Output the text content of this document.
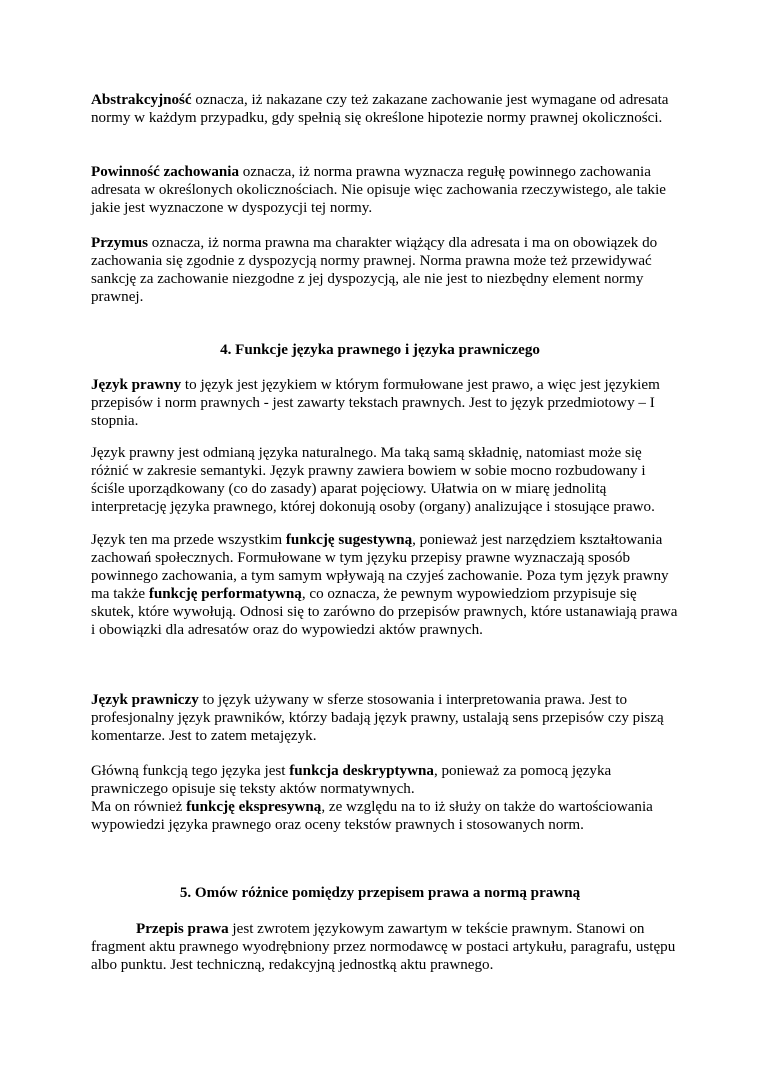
Abstrakcyjność oznacza, iż nakazane czy też zakazane zachowanie jest wymagane od adresata normy w każdym przypadku, gdy spełnią się określone hipotezie normy prawnej okoliczności.

Powinność zachowania oznacza, iż norma prawna wyznacza regułę powinnego zachowania adresata w określonych okolicznościach. Nie opisuje więc zachowania rzeczywistego, ale takie jakie jest wyznaczone w dyspozycji tej normy.

Przymus oznacza, iż norma prawna ma charakter wiążący dla adresata i ma on obowiązek do zachowania się zgodnie z dyspozycją normy prawnej. Norma prawna może też przewidywać sankcję za zachowanie niezgodne z jej dyspozycją, ale nie jest to niezbędny element normy prawnej.

4. Funkcje języka prawnego i języka prawniczego

Język prawny to język jest językiem w którym formułowane jest prawo, a więc jest językiem przepisów i norm prawnych - jest zawarty tekstach prawnych. Jest to język przedmiotowy – I stopnia.

Język prawny jest odmianą języka naturalnego. Ma taką samą składnię, natomiast może się różnić w zakresie semantyki. Język prawny zawiera bowiem w sobie mocno rozbudowany i ściśle uporządkowany (co do zasady) aparat pojęciowy. Ułatwia on w miarę jednolitą interpretację języka prawnego, której dokonują osoby (organy) analizujące i stosujące prawo.

Język ten ma przede wszystkim funkcję sugestywną, ponieważ jest narzędziem kształtowania zachowań społecznych. Formułowane w tym języku przepisy prawne wyznaczają sposób powinnego zachowania, a tym samym wpływają na czyjeś zachowanie. Poza tym język prawny ma także funkcję performatywną, co oznacza, że pewnym wypowiedziom przypisuje się skutek, które wywołują. Odnosi się to zarówno do przepisów prawnych, które ustanawiają prawa i obowiązki dla adresatów oraz do wypowiedzi aktów prawnych.

Język prawniczy to język używany w sferze stosowania i interpretowania prawa. Jest to profesjonalny język prawników, którzy badają język prawny, ustalają sens przepisów czy piszą komentarze. Jest to zatem metajęzyk.

Główną funkcją tego języka jest funkcja deskryptywna, ponieważ za pomocą języka prawniczego opisuje się teksty aktów normatywnych.
Ma on również funkcję ekspresywną, ze względu na to iż służy on także do wartościowania wypowiedzi języka prawnego oraz oceny tekstów prawnych i stosowanych norm.

5. Omów różnice pomiędzy przepisem prawa a normą prawną

Przepis prawa jest zwrotem językowym zawartym w tekście prawnym. Stanowi on fragment aktu prawnego wyodrębniony przez normodawcę w postaci artykułu, paragrafu, ustępu albo punktu. Jest techniczną, redakcyjną jednostką aktu prawnego.
